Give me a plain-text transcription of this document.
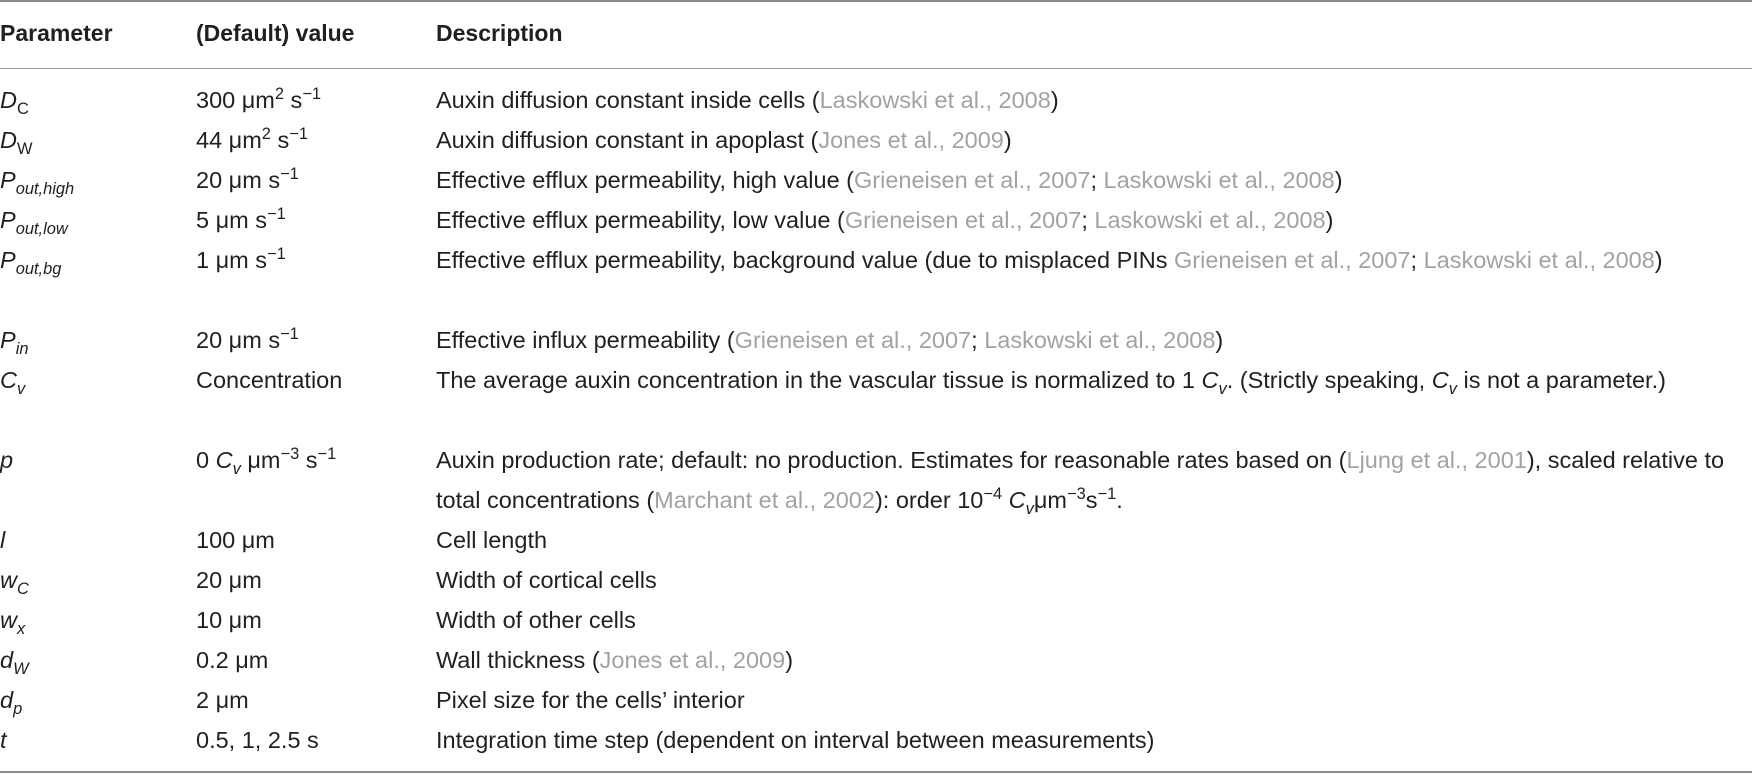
Parameter	(Default) value	Description
$D_C$	300 $\mu m^2$ $s^{-1}$	Auxin diffusion constant inside cells (Laskowski et al., 2008)
$D_W$	44 $\mu m^2$ $s^{-1}$	Auxin diffusion constant in apoplast (Jones et al., 2009)
$P_{out,high}$	20 μm $s^{-1}$	Effective efflux permeability, high value (Grieneisen et al., 2007; Laskowski et al., 2008)
$P_{out,low}$	5 μm $s^{-1}$	Effective efflux permeability, low value (Grieneisen et al., 2007; Laskowski et al., 2008)
$P_{out,bg}$	1 μm $s^{-1}$	Effective efflux permeability, background value (due to misplaced PINs Grieneisen et al., 2007; Laskowski et al., 2008)
$P_{in}$	20 μm $s^{-1}$	Effective influx permeability (Grieneisen et al., 2007; Laskowski et al., 2008)
$C_v$	Concentration	The average auxin concentration in the vascular tissue is normalized to 1 $C_v$. (Strictly speaking, $C_v$ is not a parameter.)
p	0 $C_v$ $\mu m^{-3}$ $s^{-1}$	Auxin production rate; default: no production. Estimates for reasonable rates based on (Ljung et al., 2001), scaled relative to total concentrations (Marchant et al., 2002): order $10^{-4}$ $C_v\mu m^{-3}s^{-1}$.
l	100 μm	Cell length
$w_C$	20 μm	Width of cortical cells
$w_x$	10 μm	Width of other cells
$d_W$	0.2 μm	Wall thickness (Jones et al., 2009)
$d_p$	2 μm	Pixel size for the cells’ interior
t	0.5, 1, 2.5 s	Integration time step (dependent on interval between measurements)
